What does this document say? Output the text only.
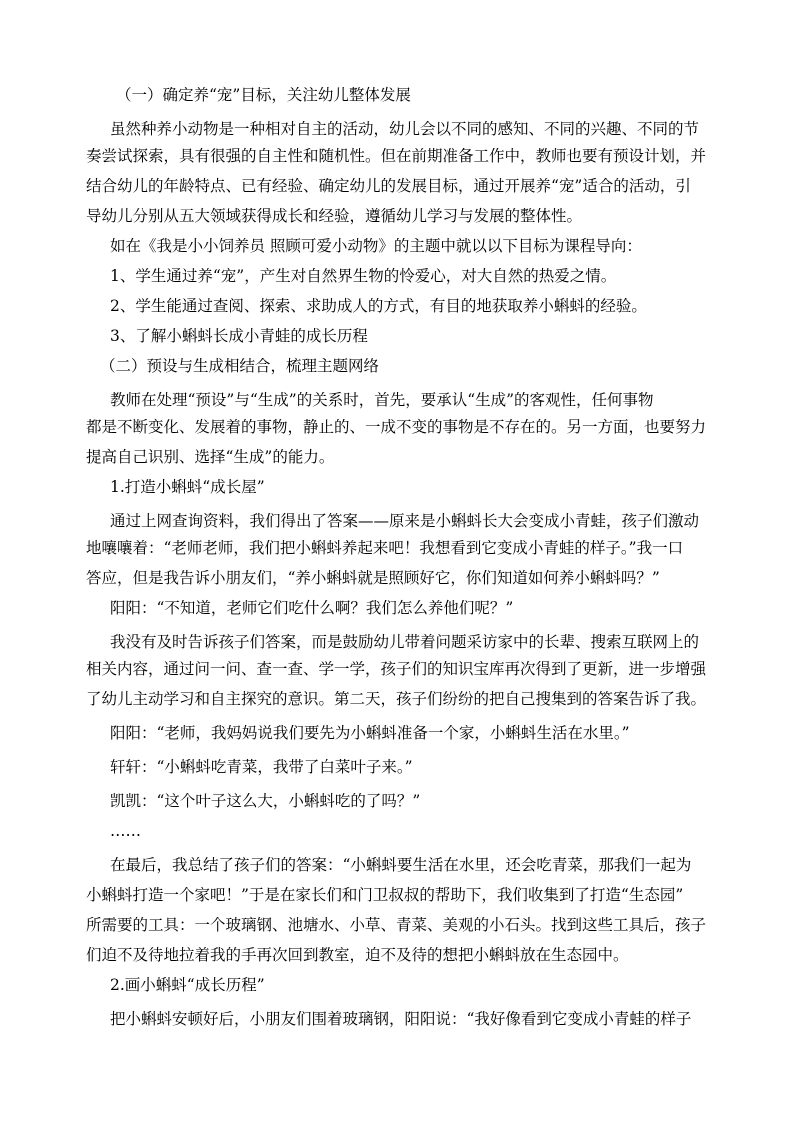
（一）确定养“宠”目标，关注幼儿整体发展
虽然种养小动物是一种相对自主的活动，幼儿会以不同的感知、不同的兴趣、不同的节
奏尝试探索，具有很强的自主性和随机性。但在前期准备工作中，教师也要有预设计划，并
结合幼儿的年龄特点、已有经验、确定幼儿的发展目标，通过开展养“宠”适合的活动，引
导幼儿分别从五大领域获得成长和经验，遵循幼儿学习与发展的整体性。
如在《我是小小饲养员 照顾可爱小动物》的主题中就以以下目标为课程导向：
1、学生通过养“宠”，产生对自然界生物的怜爱心，对大自然的热爱之情。
2、学生能通过查阅、探索、求助成人的方式，有目的地获取养小蝌蚪的经验。
3、了解小蝌蚪长成小青蛙的成长历程
（二）预设与生成相结合，梳理主题网络
教师在处理“预设”与“生成”的关系时，首先，要承认“生成”的客观性，任何事物
都是不断变化、发展着的事物，静止的、一成不变的事物是不存在的。另一方面，也要努力
提高自己识别、选择“生成”的能力。
1.打造小蝌蚪“成长屋”
通过上网查询资料，我们得出了答案——原来是小蝌蚪长大会变成小青蛙，孩子们激动
地嚷嚷着：“老师老师，我们把小蝌蚪养起来吧！我想看到它变成小青蛙的样子。”我一口
答应，但是我告诉小朋友们，“养小蝌蚪就是照顾好它，你们知道如何养小蝌蚪吗？”
阳阳：“不知道，老师它们吃什么啊？我们怎么养他们呢？”
我没有及时告诉孩子们答案，而是鼓励幼儿带着问题采访家中的长辈、搜索互联网上的
相关内容，通过问一问、查一查、学一学，孩子们的知识宝库再次得到了更新，进一步增强
了幼儿主动学习和自主探究的意识。第二天，孩子们纷纷的把自己搜集到的答案告诉了我。
阳阳：“老师，我妈妈说我们要先为小蝌蚪准备一个家，小蝌蚪生活在水里。”
轩轩：“小蝌蚪吃青菜，我带了白菜叶子来。”
凯凯：“这个叶子这么大，小蝌蚪吃的了吗？”
……
在最后，我总结了孩子们的答案：“小蝌蚪要生活在水里，还会吃青菜，那我们一起为
小蝌蚪打造一个家吧！”于是在家长们和门卫叔叔的帮助下，我们收集到了打造“生态园”
所需要的工具：一个玻璃钢、池塘水、小草、青菜、美观的小石头。找到这些工具后，孩子
们迫不及待地拉着我的手再次回到教室，迫不及待的想把小蝌蚪放在生态园中。
2.画小蝌蚪“成长历程”
把小蝌蚪安顿好后，小朋友们围着玻璃钢，阳阳说：“我好像看到它变成小青蛙的样子
